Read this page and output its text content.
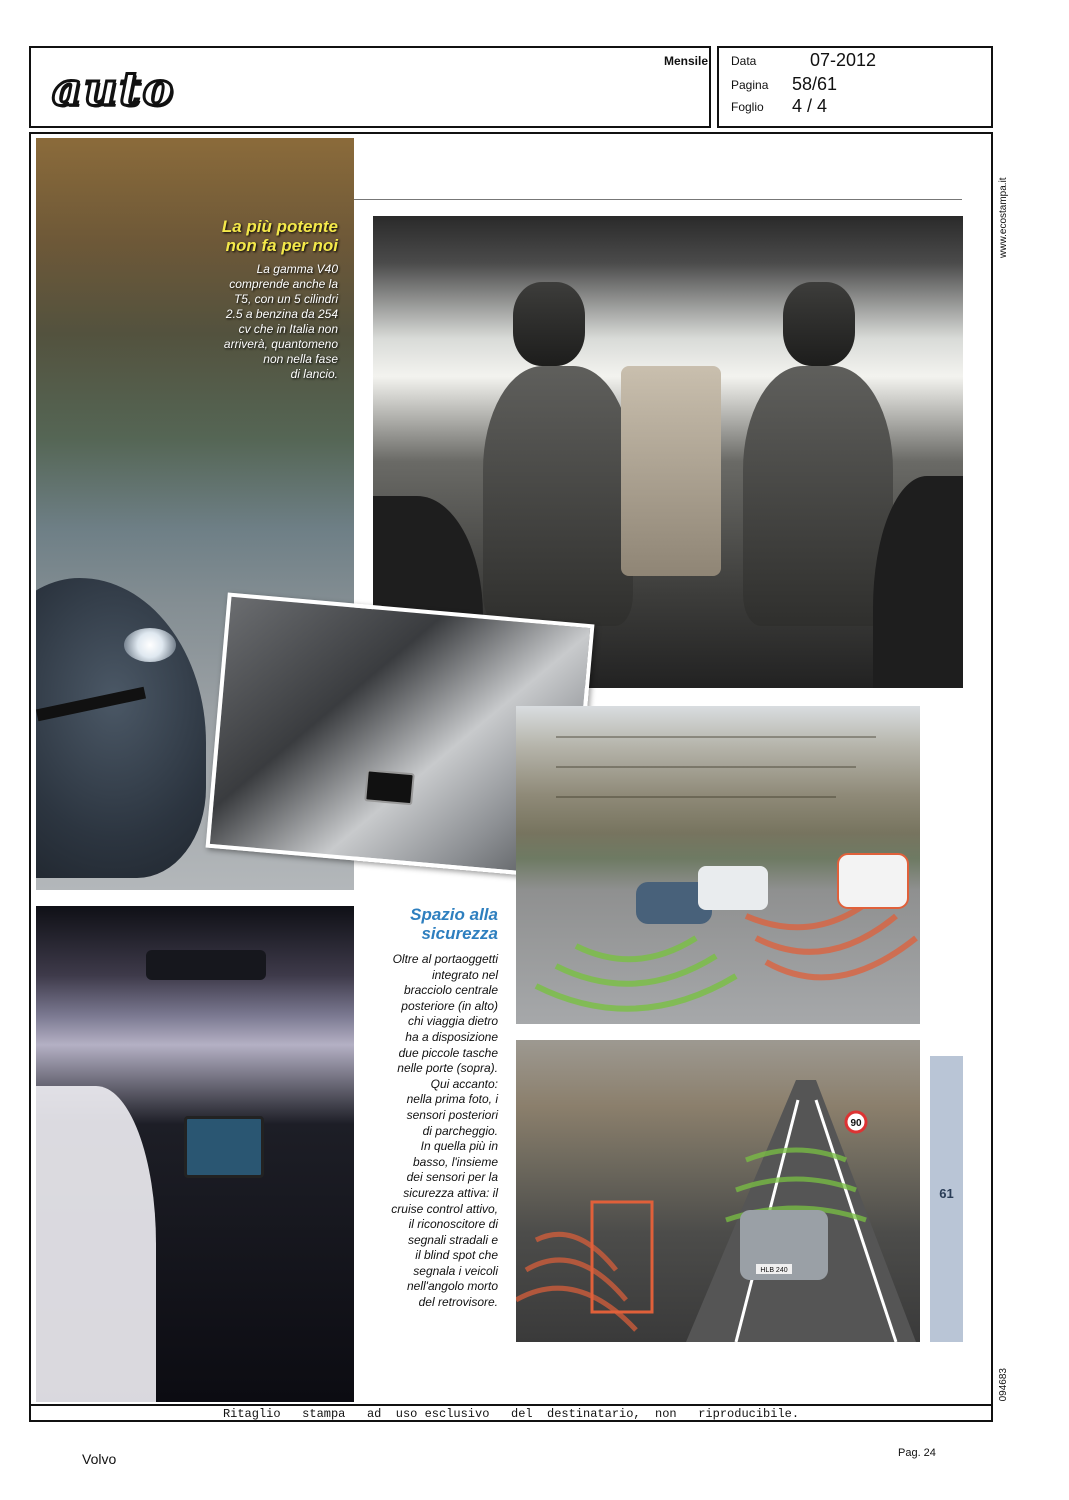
auto
Mensile Data	07-2012
Pagina 58/61
Foglio 4 / 4
www.ecostampa.it
094683
La più potente
non fa per noi
La gamma V40
comprende anche la
T5, con un 5 cilindri
2.5 a benzina da 254
cv che in Italia non
arriverà, quantomeno
non nella fase
di lancio.
HLB 240
90
Spazio alla
sicurezza
Oltre al portaoggetti
integrato nel
bracciolo centrale
posteriore (in alto)
chi viaggia dietro
ha a disposizione
due piccole tasche
nelle porte (sopra).
Qui accanto:
nella prima foto, i
sensori posteriori
di parcheggio.
In quella più in
basso, l'insieme
dei sensori per la
sicurezza attiva: il
cruise control attivo,
il riconoscitore di
segnali stradali e
il blind spot che
segnala i veicoli
nell'angolo morto
del retrovisore.
61
Ritaglio   stampa   ad  uso esclusivo   del  destinatario,  non   riproducibile.
Volvo	Pag. 24
